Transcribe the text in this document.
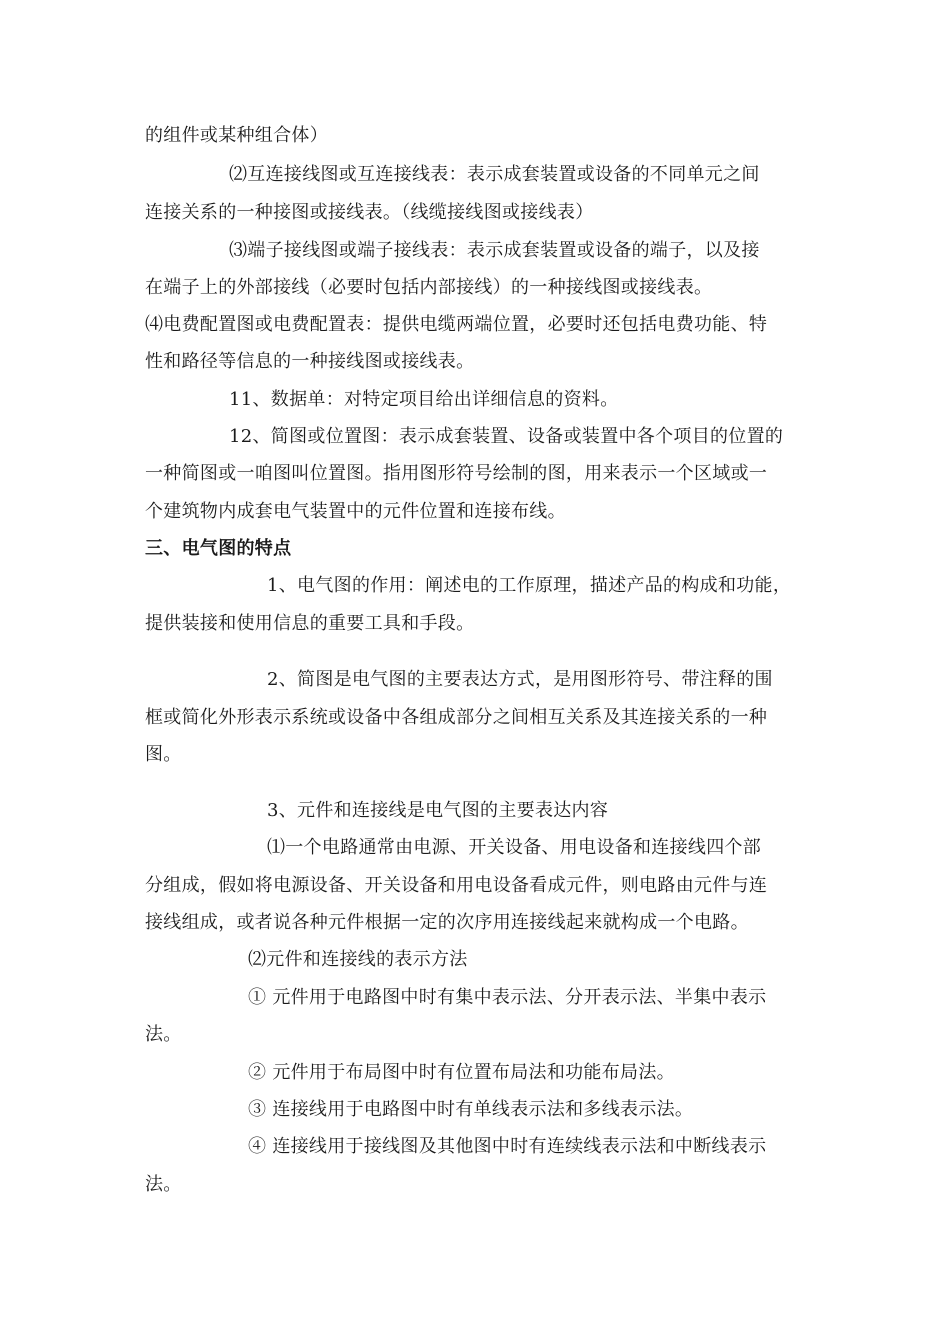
的组件或某种组合体）
⑵互连接线图或互连接线表：表示成套装置或设备的不同单元之间
连接关系的一种接图或接线表。（线缆接线图或接线表）
⑶端子接线图或端子接线表：表示成套装置或设备的端子，以及接
在端子上的外部接线（必要时包括内部接线）的一种接线图或接线表。
⑷电费配置图或电费配置表：提供电缆两端位置，必要时还包括电费功能、特
性和路径等信息的一种接线图或接线表。
11、数据单：对特定项目给出详细信息的资料。
12、简图或位置图：表示成套装置、设备或装置中各个项目的位置的
一种简图或一咱图叫位置图。指用图形符号绘制的图，用来表示一个区域或一
个建筑物内成套电气装置中的元件位置和连接布线。
三、电气图的特点
1、电气图的作用：阐述电的工作原理，描述产品的构成和功能，
提供装接和使用信息的重要工具和手段。
2、简图是电气图的主要表达方式，是用图形符号、带注释的围
框或简化外形表示系统或设备中各组成部分之间相互关系及其连接关系的一种
图。
3、元件和连接线是电气图的主要表达内容
⑴一个电路通常由电源、开关设备、用电设备和连接线四个部
分组成，假如将电源设备、开关设备和用电设备看成元件，则电路由元件与连
接线组成，或者说各种元件根据一定的次序用连接线起来就构成一个电路。
⑵元件和连接线的表示方法
① 元件用于电路图中时有集中表示法、分开表示法、半集中表示
法。
② 元件用于布局图中时有位置布局法和功能布局法。
③ 连接线用于电路图中时有单线表示法和多线表示法。
④ 连接线用于接线图及其他图中时有连续线表示法和中断线表示
法。
